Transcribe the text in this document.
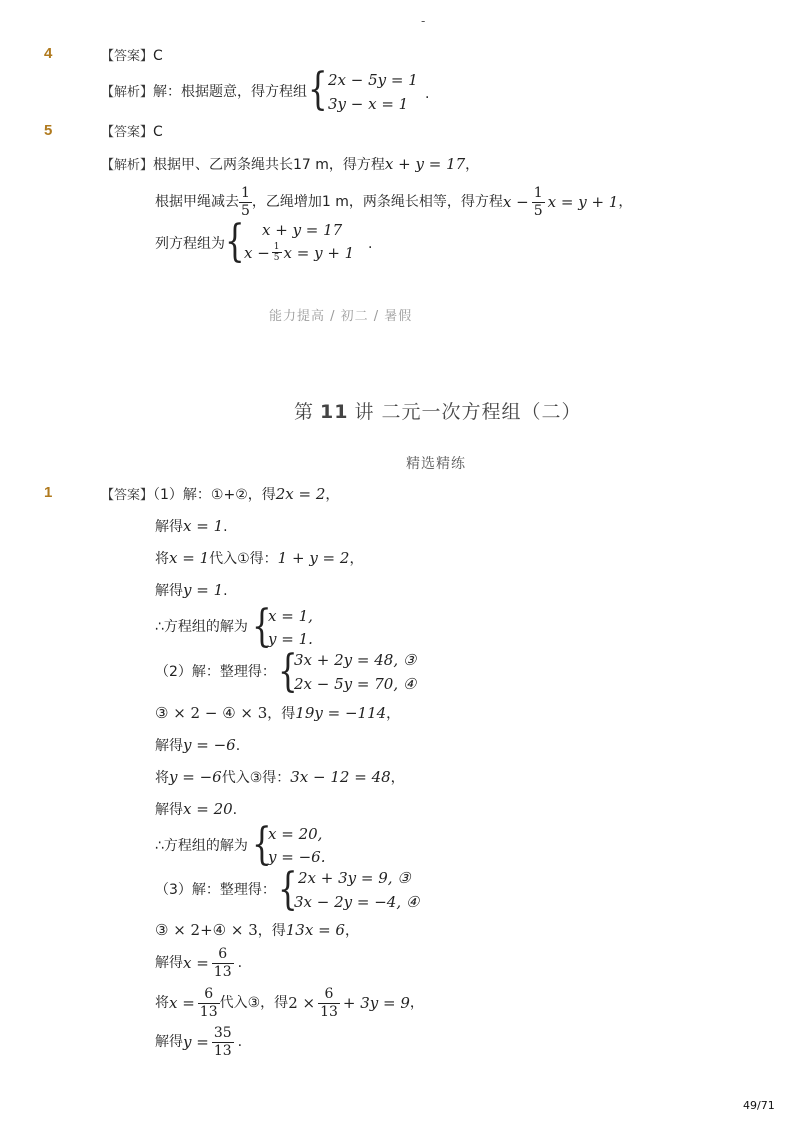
-
4	【答案】C
【解析】解：根据题意，得方程组 { 2x − 5y = 1
3y − x = 1
.
5	【答案】C
【解析】根据甲、乙两条绳共长17 m，得方程x + y = 17，
根据甲绳减去 $\frac{1}{5}$ ，乙绳增加1 m，两条绳长相等，得方程 $x - \frac{1}{5}$ x = y + 1 ，
列方程组为 { x + y = 17
$x - \frac{1}{5}$ x = y + 1 .
能力提高 / 初二 / 暑假
第 11 讲 二元一次方程组（二）
精选精练
1	【答案】（1）解：①+②，得2x = 2，
解得x = 1.
将x = 1代入①得：1 + y = 2，
解得y = 1.
∴方程组的解为 {
x = 1,
y = 1.
（2）解：整理得： {
3x + 2y = 48, ③
2x − 5y = 70, ④
③ × 2 − ④ × 3，得19y = −114，
解得y = −6.
将y = −6代入③得：3x − 12 = 48，
解得x = 20.
∴方程组的解为 {
x = 20,
y = −6.
（3）解：整理得： { 2x + 3y = 9, ③
3x − 2y = −4, ④
③ × 2+④ × 3，得13x = 6，
解得 $x = \frac{6}{13}$ .
将 $x = \frac{6}{13}$ 代入③，得 $2 \times \frac{6}{13} + 3y = 9$ ，
解得 $y = \frac{35}{13}$ .
49/71
